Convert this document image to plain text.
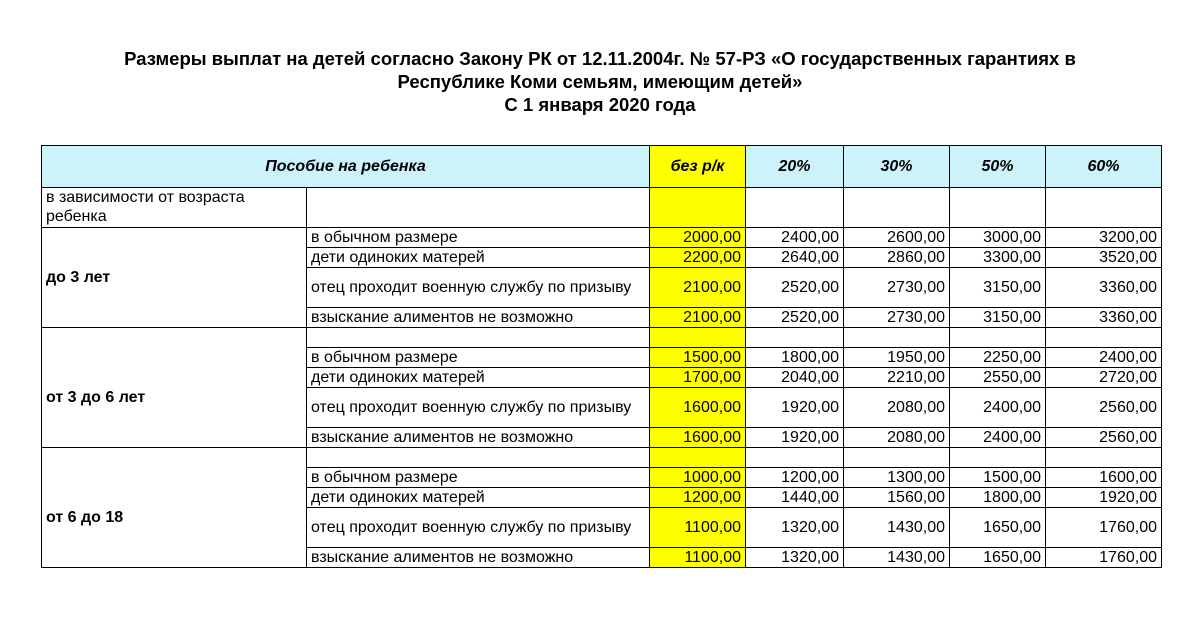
Размеры выплат на детей согласно Закону РК от 12.11.2004г. № 57-РЗ «О государственных гарантиях в
Республике Коми семьям, имеющим детей»
С 1 января 2020 года
Пособие на ребенка		без р/к	20%	30%	50%	60%
в зависимости от возраста ребенка						
до 3 лет	в обычном размере	2000,00	2400,00	2600,00	3000,00	3200,00
	дети одиноких матерей	2200,00	2640,00	2860,00	3300,00	3520,00
	отец проходит военную службу по призыву	2100,00	2520,00	2730,00	3150,00	3360,00
	взыскание алиментов не возможно	2100,00	2520,00	2730,00	3150,00	3360,00
от 3 до 6 лет						
	в обычном размере	1500,00	1800,00	1950,00	2250,00	2400,00
	дети одиноких матерей	1700,00	2040,00	2210,00	2550,00	2720,00
	отец проходит военную службу по призыву	1600,00	1920,00	2080,00	2400,00	2560,00
	взыскание алиментов не возможно	1600,00	1920,00	2080,00	2400,00	2560,00
от 6 до 18						
	в обычном размере	1000,00	1200,00	1300,00	1500,00	1600,00
	дети одиноких матерей	1200,00	1440,00	1560,00	1800,00	1920,00
	отец проходит военную службу по призыву	1100,00	1320,00	1430,00	1650,00	1760,00
	взыскание алиментов не возможно	1100,00	1320,00	1430,00	1650,00	1760,00
